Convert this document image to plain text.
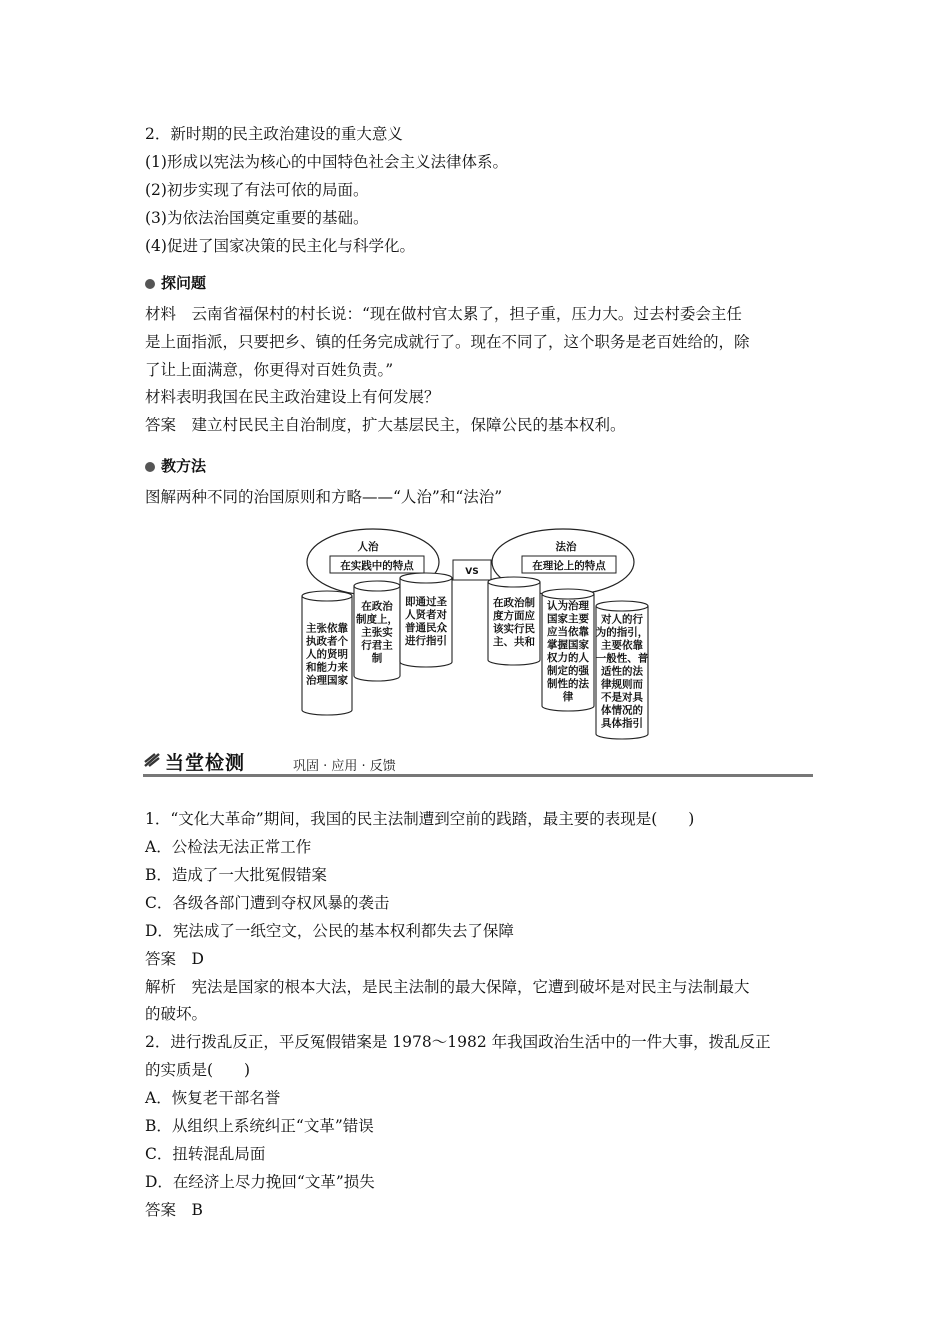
2．新时期的民主政治建设的重大意义
(1)形成以宪法为核心的中国特色社会主义法律体系。
(2)初步实现了有法可依的局面。
(3)为依法治国奠定重要的基础。
(4)促进了国家决策的民主化与科学化。
探问题
材料　云南省福保村的村长说：“现在做村官太累了，担子重，压力大。过去村委会主任
是上面指派，只要把乡、镇的任务完成就行了。现在不同了，这个职务是老百姓给的，除
了让上面满意，你更得对百姓负责。”
材料表明我国在民主政治建设上有何发展？
答案　建立村民民主自治制度，扩大基层民主，保障公民的基本权利。
教方法
图解两种不同的治国原则和方略——“人治”和“法治”
人治	法治
在实践中的特点	在理论上的特点
VS
主张依靠
执政者个
人的贤明
和能力来
治理国家
在政治
制度上，
主张实
行君主
制
即通过圣
人贤者对
普通民众
进行指引
在政治制
度方面应
该实行民
主、共和
认为治理
国家主要
应当依靠
掌握国家
权力的人
制定的强
制性的法
律
对人的行
为的指引，
主要依靠
一般性、普
适性的法
律规则而
不是对具
体情况的
具体指引
当堂检测	巩固 · 应用 · 反馈
1．“文化大革命”期间，我国的民主法制遭到空前的践踏，最主要的表现是(　　)
A．公检法无法正常工作
B．造成了一大批冤假错案
C．各级各部门遭到夺权风暴的袭击
D．宪法成了一纸空文，公民的基本权利都失去了保障
答案　D
解析　宪法是国家的根本大法，是民主法制的最大保障，它遭到破坏是对民主与法制最大
的破坏。
2．进行拨乱反正，平反冤假错案是 1978～1982 年我国政治生活中的一件大事，拨乱反正
的实质是(　　)
A．恢复老干部名誉
B．从组织上系统纠正“文革”错误
C．扭转混乱局面
D．在经济上尽力挽回“文革”损失
答案　B
